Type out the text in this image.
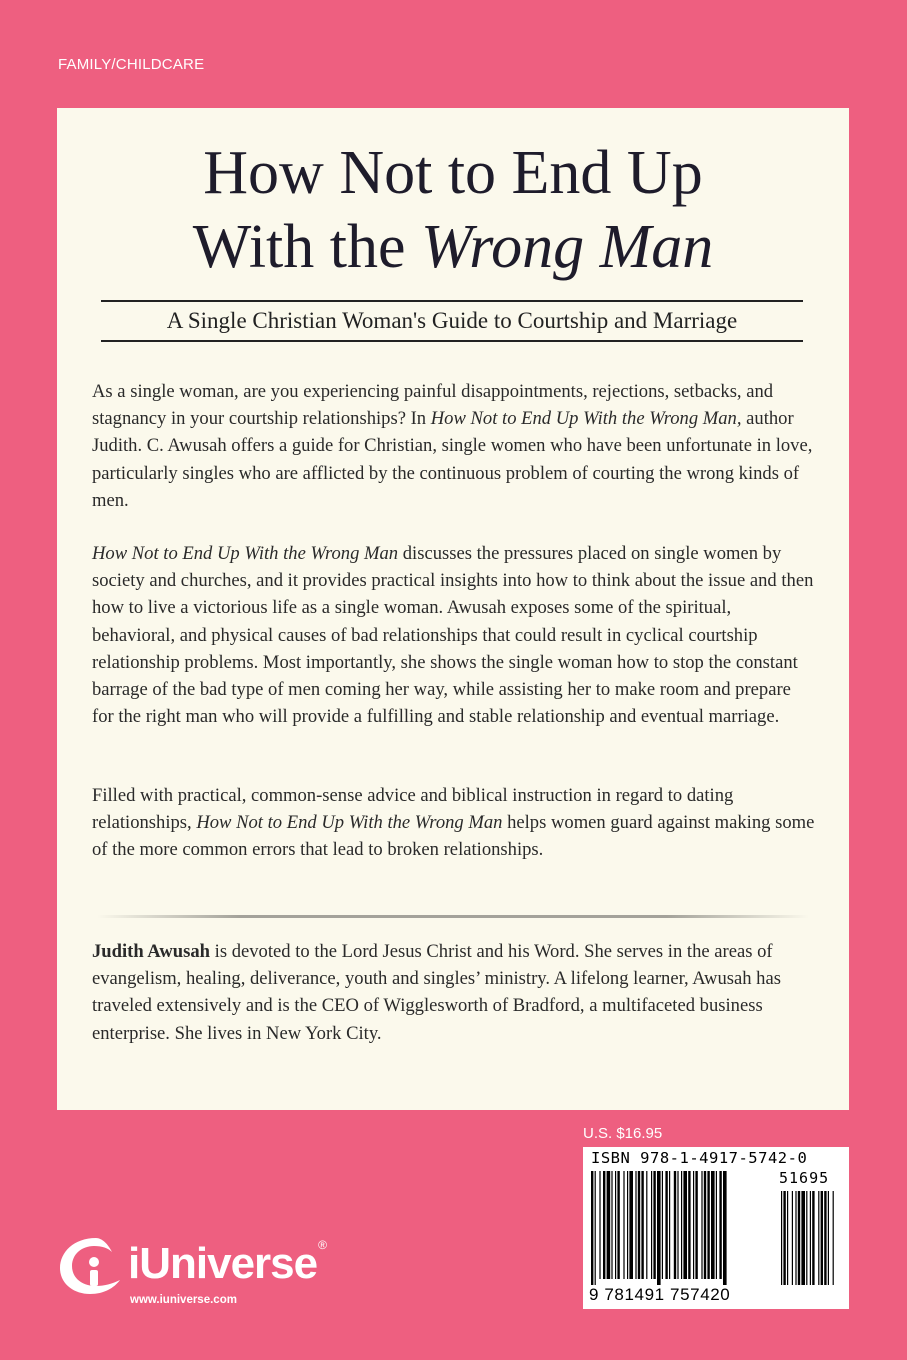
FAMILY/CHILDCARE
How Not to End Up
With the Wrong Man
A Single Christian Woman's Guide to Courtship and Marriage

As a single woman, are you experiencing painful disappointments, rejections, setbacks, and stagnancy in your courtship relationships? In How Not to End Up With the Wrong Man, author Judith. C. Awusah offers a guide for Christian, single women who have been unfortunate in love, particularly singles who are afflicted by the continuous problem of courting the wrong kinds of men.

How Not to End Up With the Wrong Man discusses the pressures placed on single women by society and churches, and it provides practical insights into how to think about the issue and then how to live a victorious life as a single woman. Awusah exposes some of the spiritual, behavioral, and physical causes of bad relationships that could result in cyclical courtship relationship problems. Most importantly, she shows the single woman how to stop the constant barrage of the bad type of men coming her way, while assisting her to make room and prepare for the right man who will provide a fulfilling and stable relationship and eventual marriage.

Filled with practical, common-sense advice and biblical instruction in regard to dating relationships, How Not to End Up With the Wrong Man helps women guard against making some of the more common errors that lead to broken relationships.

Judith Awusah is devoted to the Lord Jesus Christ and his Word. She serves in the areas of evangelism, healing, deliverance, youth and singles’ ministry. A lifelong learner, Awusah has traveled extensively and is the CEO of Wigglesworth of Bradford, a multifaceted business enterprise. She lives in New York City.

U.S. $16.95
ISBN 978-1-4917-5742-0
51695
9 781491 757420
iUniverse ®
www.iuniverse.com
